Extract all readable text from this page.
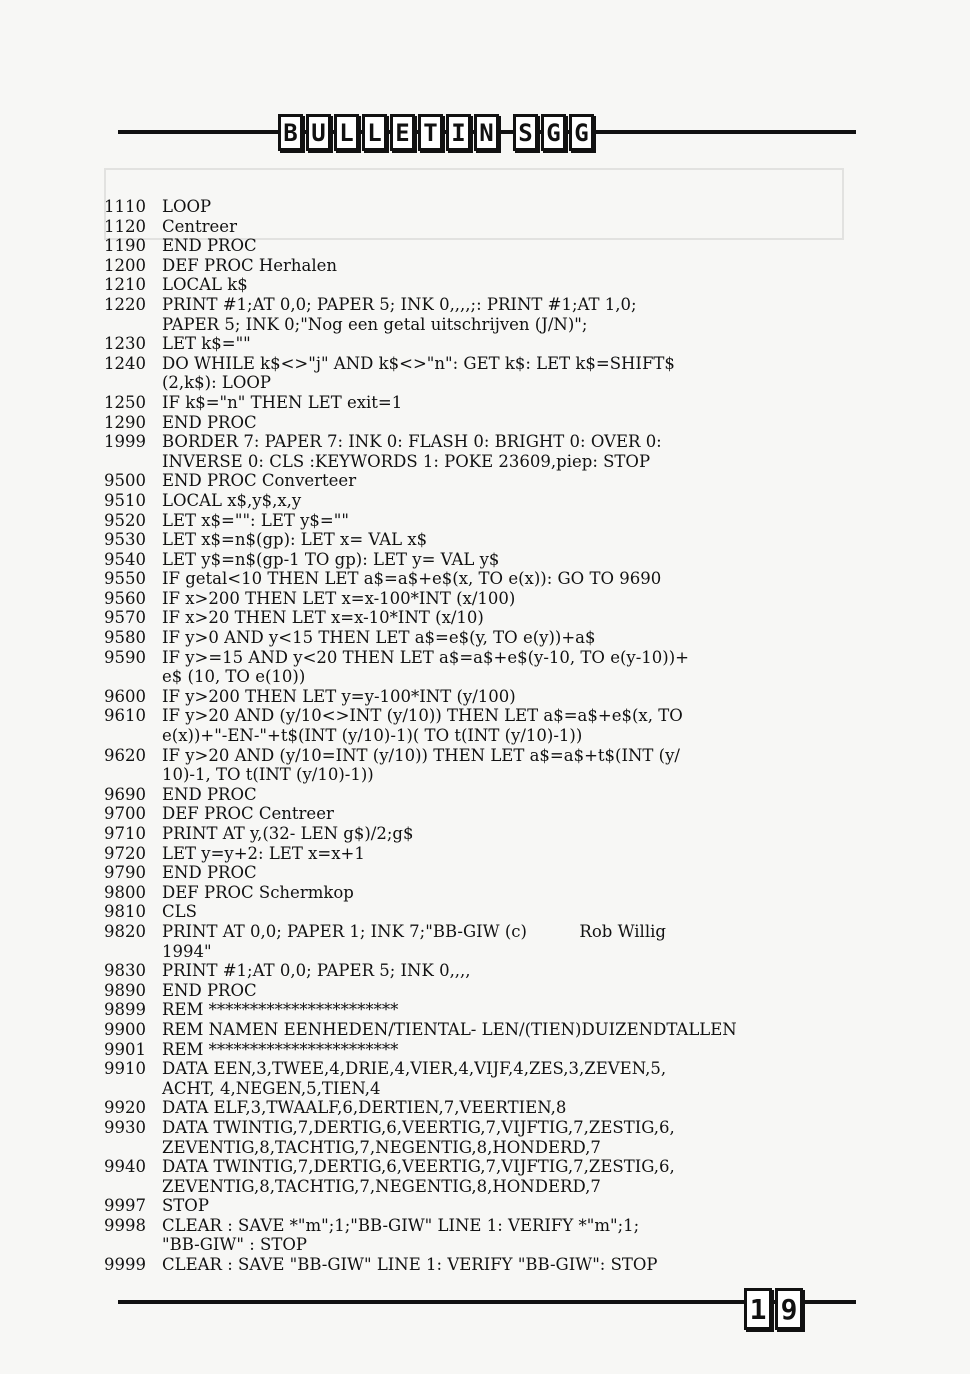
B U L L E T I N S G G
1110 LOOP
1120 Centreer
1190 END PROC
1200 DEF PROC Herhalen
1210 LOCAL k$
1220 PRINT #1;AT 0,0; PAPER 5; INK 0,,,,;: PRINT #1;AT 1,0;
PAPER 5; INK 0;"Nog een getal uitschrijven (J/N)";
1230 LET k$=""
1240 DO WHILE k$<>"j" AND k$<>"n": GET k$: LET k$=SHIFT$
(2,k$): LOOP
1250 IF k$="n" THEN LET exit=1
1290 END PROC
1999 BORDER 7: PAPER 7: INK 0: FLASH 0: BRIGHT 0: OVER 0:
INVERSE 0: CLS :KEYWORDS 1: POKE 23609,piep: STOP
9500 END PROC Converteer
9510 LOCAL x$,y$,x,y
9520 LET x$="": LET y$=""
9530 LET x$=n$(gp): LET x= VAL x$
9540 LET y$=n$(gp-1 TO gp): LET y= VAL y$
9550 IF getal<10 THEN LET a$=a$+e$(x, TO e(x)): GO TO 9690
9560 IF x>200 THEN LET x=x-100*INT (x/100)
9570 IF x>20 THEN LET x=x-10*INT (x/10)
9580 IF y>0 AND y<15 THEN LET a$=e$(y, TO e(y))+a$
9590 IF y>=15 AND y<20 THEN LET a$=a$+e$(y-10, TO e(y-10))+
e$ (10, TO e(10))
9600 IF y>200 THEN LET y=y-100*INT (y/100)
9610 IF y>20 AND (y/10<>INT (y/10)) THEN LET a$=a$+e$(x, TO
e(x))+"-EN-"+t$(INT (y/10)-1)( TO t(INT (y/10)-1))
9620 IF y>20 AND (y/10=INT (y/10)) THEN LET a$=a$+t$(INT (y/
10)-1, TO t(INT (y/10)-1))
9690 END PROC
9700 DEF PROC Centreer
9710 PRINT AT y,(32- LEN g$)/2;g$
9720 LET y=y+2: LET x=x+1
9790 END PROC
9800 DEF PROC Schermkop
9810 CLS
9820 PRINT AT 0,0; PAPER 1; INK 7;"BB-GIW (c)          Rob Willig
1994"
9830 PRINT #1;AT 0,0; PAPER 5; INK 0,,,,
9890 END PROC
9899 REM ***********************
9900 REM NAMEN EENHEDEN/TIENTAL- LEN/(TIEN)DUIZENDTALLEN
9901 REM ***********************
9910 DATA EEN,3,TWEE,4,DRIE,4,VIER,4,VIJF,4,ZES,3,ZEVEN,5,
ACHT, 4,NEGEN,5,TIEN,4
9920 DATA ELF,3,TWAALF,6,DERTIEN,7,VEERTIEN,8
9930 DATA TWINTIG,7,DERTIG,6,VEERTIG,7,VIJFTIG,7,ZESTIG,6,
ZEVENTIG,8,TACHTIG,7,NEGENTIG,8,HONDERD,7
9940 DATA TWINTIG,7,DERTIG,6,VEERTIG,7,VIJFTIG,7,ZESTIG,6,
ZEVENTIG,8,TACHTIG,7,NEGENTIG,8,HONDERD,7
9997 STOP
9998 CLEAR : SAVE *"m";1;"BB-GIW" LINE 1: VERIFY *"m";1;
"BB-GIW" : STOP
9999 CLEAR : SAVE "BB-GIW" LINE 1: VERIFY "BB-GIW": STOP
1 9
